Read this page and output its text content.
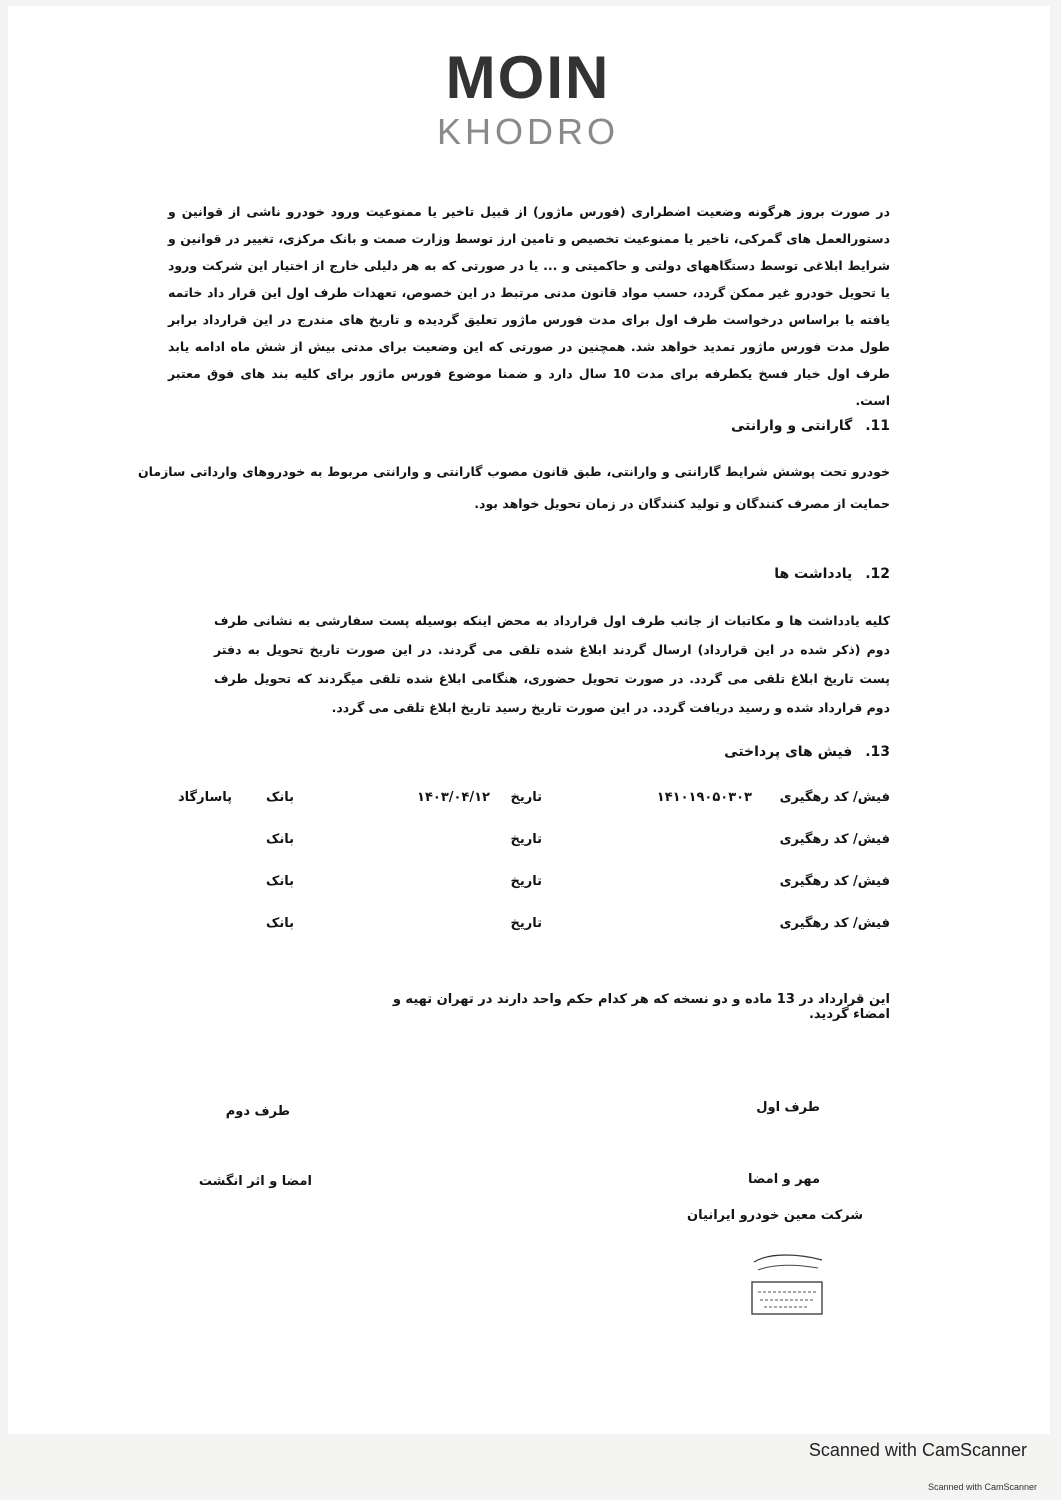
MOIN
KHODRO
در صورت بروز هرگونه وضعیت اضطراری (فورس ماژور) از قبیل تاخیر یا ممنوعیت ورود خودرو ناشی از قوانین و دستورالعمل های گمرکی، تاخیر یا ممنوعیت تخصیص و تامین ارز توسط وزارت صمت و بانک مرکزی، تغییر در قوانین و شرایط ابلاغی توسط دستگاههای دولتی و حاکمیتی و ... یا در صورتی که به هر دلیلی خارج از اختیار این شرکت ورود یا تحویل خودرو غیر ممکن گردد، حسب مواد قانون مدنی مرتبط در این خصوص، تعهدات طرف اول این قرار داد خاتمه یافته یا براساس درخواست طرف اول برای مدت فورس ماژور تعلیق گردیده و تاریخ های مندرج در این قرارداد برابر طول مدت فورس ماژور تمدید خواهد شد. همچنین در صورتی که این وضعیت برای مدتی بیش از شش ماه ادامه یابد طرف اول خیار فسخ یکطرفه برای مدت 10 سال دارد و ضمنا موضوع فورس ماژور برای کلیه بند های فوق معتبر است.
11. گارانتی و وارانتی
خودرو تحت پوشش شرایط گارانتی و وارانتی، طبق قانون مصوب گارانتی و وارانتی مربوط به خودروهای وارداتی سازمان حمایت از مصرف کنندگان و تولید کنندگان در زمان تحویل خواهد بود.
12. یادداشت ها
کلیه یادداشت ها و مکاتبات از جانب طرف اول قرارداد به محض اینکه بوسیله پست سفارشی به نشانی طرف دوم (ذکر شده در این قرارداد) ارسال گردند ابلاغ شده تلقی می گردند. در این صورت تاریخ تحویل به دفتر پست تاریخ ابلاغ تلقی می گردد. در صورت تحویل حضوری، هنگامی ابلاغ شده تلقی میگردند که تحویل طرف دوم قرارداد شده و رسید دریافت گردد. در این صورت تاریخ رسید تاریخ ابلاغ تلقی می گردد.
13. فیش های پرداختی
فیش/ کد رهگیری
۱۴۱۰۱۹۰۵۰۳۰۳
تاریخ
۱۴۰۳/۰۴/۱۲
بانک
پاسارگاد
فیش/ کد رهگیری
تاریخ
بانک
فیش/ کد رهگیری
تاریخ
بانک
فیش/ کد رهگیری
تاریخ
بانک
این قرارداد در 13 ماده و دو نسخه که هر کدام حکم واحد دارند در تهران تهیه و امضاء گردید.
طرف اول
مهر و امضا
شرکت معین خودرو ایرانیان
طرف دوم
امضا و اثر انگشت
Scanned with CamScanner
Scanned with CamScanner
